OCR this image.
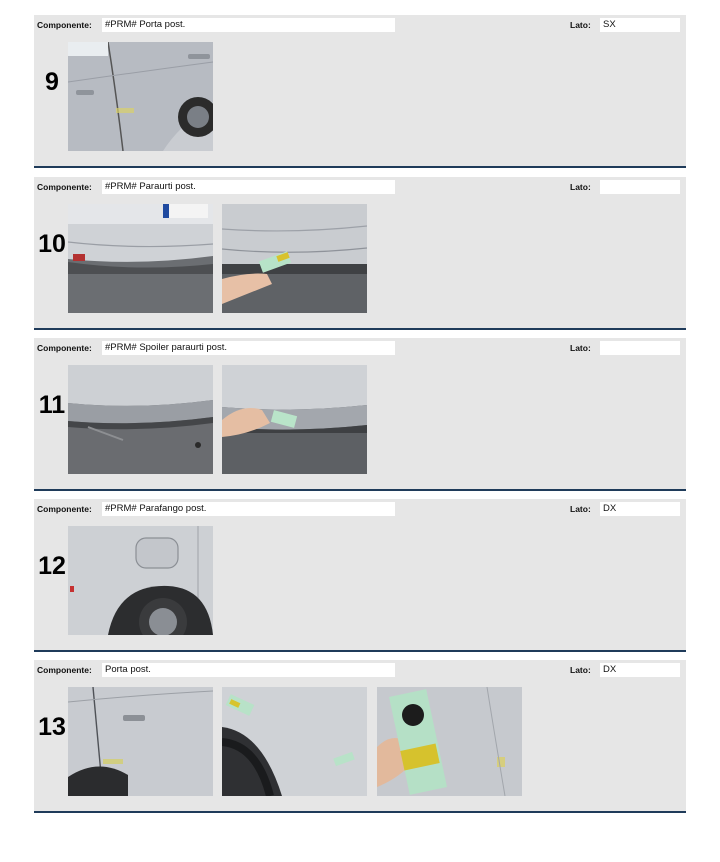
Componente:	#PRM# Porta post.	Lato:	SX
9
Componente:	#PRM# Paraurti post.	Lato:
10
Componente:	#PRM# Spoiler paraurti post.	Lato:
11
Componente:	#PRM# Parafango post.	Lato:	DX
12
Componente:	Porta post.	Lato:	DX
13
